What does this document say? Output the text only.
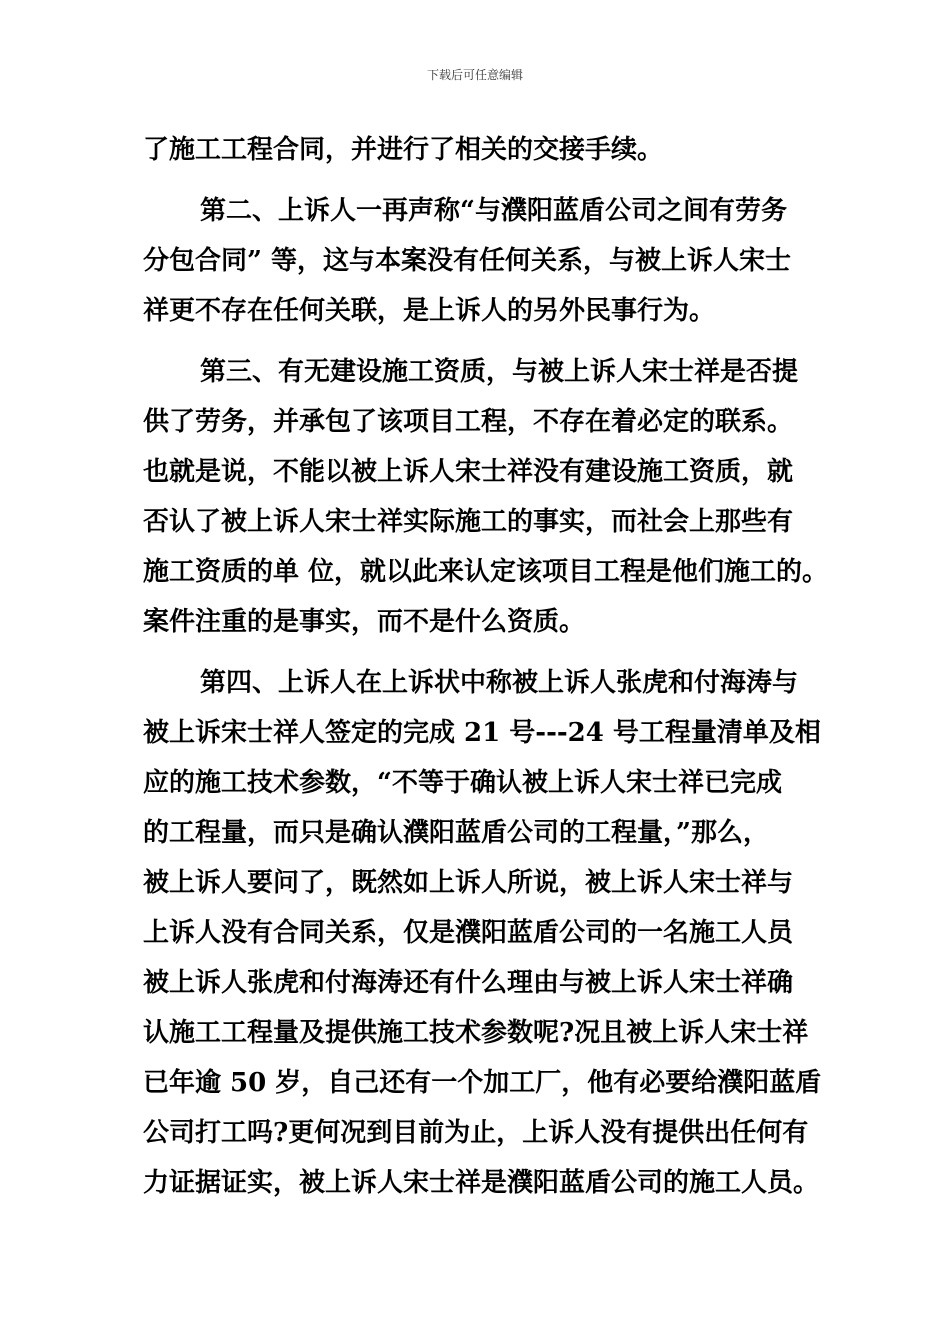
下载后可任意编辑
了施工工程合同，并进行了相关的交接手续。
第二、上诉人一再声称“与濮阳蓝盾公司之间有劳务
分包合同” 等，这与本案没有任何关系，与被上诉人宋士
祥更不存在任何关联，是上诉人的另外民事行为。
第三、有无建设施工资质，与被上诉人宋士祥是否提
供了劳务，并承包了该项目工程，不存在着必定的联系。
也就是说，不能以被上诉人宋士祥没有建设施工资质，就
否认了被上诉人宋士祥实际施工的事实，而社会上那些有
施工资质的单 位，就以此来认定该项目工程是他们施工的。
案件注重的是事实，而不是什么资质。
第四、上诉人在上诉状中称被上诉人张虎和付海涛与
被上诉宋士祥人签定的完成 21 号---24 号工程量清单及相
应的施工技术参数，“不等于确认被上诉人宋士祥已完成
的工程量，而只是确认濮阳蓝盾公司的工程量，”那么，
被上诉人要问了，既然如上诉人所说，被上诉人宋士祥与
上诉人没有合同关系，仅是濮阳蓝盾公司的一名施工人员
被上诉人张虎和付海涛还有什么理由与被上诉人宋士祥确
认施工工程量及提供施工技术参数呢?况且被上诉人宋士祥
已年逾 50 岁，自己还有一个加工厂，他有必要给濮阳蓝盾
公司打工吗?更何况到目前为止，上诉人没有提供出任何有
力证据证实，被上诉人宋士祥是濮阳蓝盾公司的施工人员。
